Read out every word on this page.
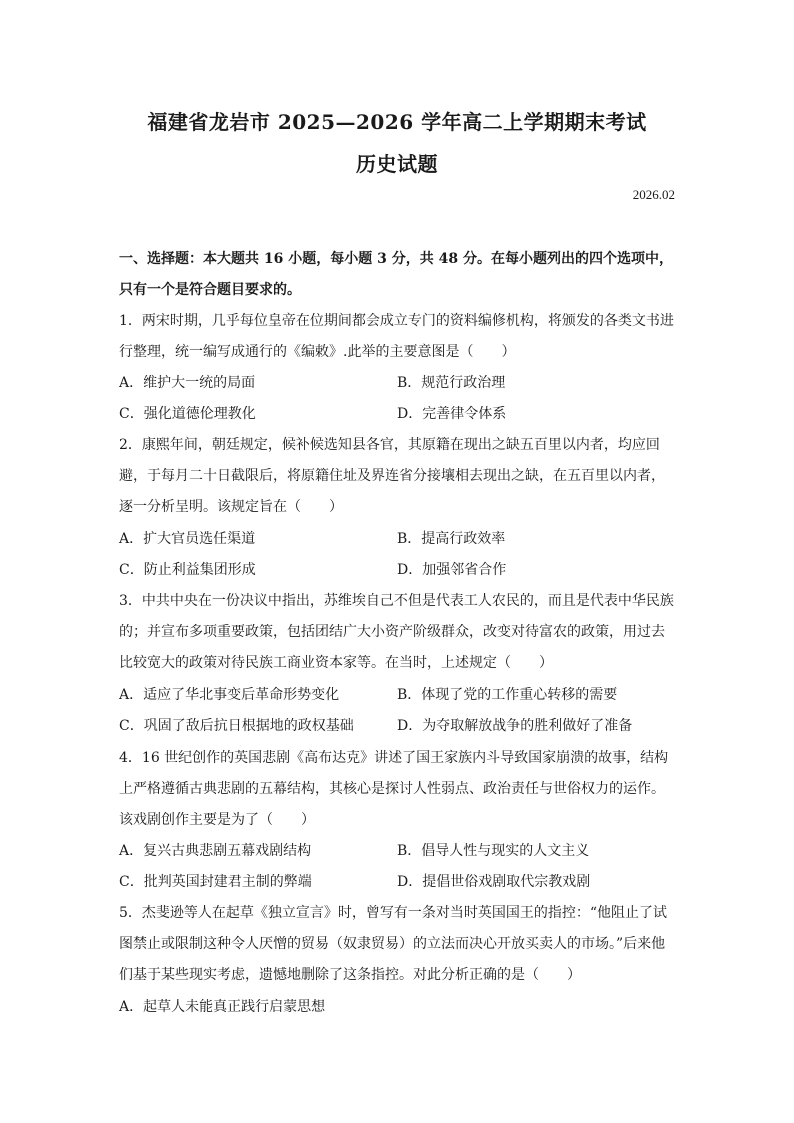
福建省龙岩市 2025—2026 学年高二上学期期末考试
历史试题
2026.02
一、选择题：本大题共 16 小题，每小题 3 分，共 48 分。在每小题列出的四个选项中，只有一个是符合题目要求的。
1．两宋时期，几乎每位皇帝在位期间都会成立专门的资料编修机构，将颁发的各类文书进行整理，统一编写成通行的《编敕》.此举的主要意图是（　　）
A．维护大一统的局面	B．规范行政治理
C．强化道德伦理教化	D．完善律令体系
2．康熙年间，朝廷规定，候补候选知县各官，其原籍在现出之缺五百里以内者，均应回避，于每月二十日截限后，将原籍住址及界连省分接壤相去现出之缺，在五百里以内者，逐一分析呈明。该规定旨在（　　）
A．扩大官员选任渠道	B．提高行政效率
C．防止利益集团形成	D．加强邻省合作
3．中共中央在一份决议中指出，苏维埃自己不但是代表工人农民的，而且是代表中华民族的；并宣布多项重要政策，包括团结广大小资产阶级群众，改变对待富农的政策，用过去比较宽大的政策对待民族工商业资本家等。在当时，上述规定（　　）
A．适应了华北事变后革命形势变化	B．体现了党的工作重心转移的需要
C．巩固了敌后抗日根据地的政权基础	D．为夺取解放战争的胜利做好了准备
4．16 世纪创作的英国悲剧《高布达克》讲述了国王家族内斗导致国家崩溃的故事，结构上严格遵循古典悲剧的五幕结构，其核心是探讨人性弱点、政治责任与世俗权力的运作。该戏剧创作主要是为了（　　）
A．复兴古典悲剧五幕戏剧结构	B．倡导人性与现实的人文主义
C．批判英国封建君主制的弊端	D．提倡世俗戏剧取代宗教戏剧
5．杰斐逊等人在起草《独立宣言》时，曾写有一条对当时英国国王的指控：“他阻止了试图禁止或限制这种令人厌憎的贸易（奴隶贸易）的立法而决心开放买卖人的市场。”后来他们基于某些现实考虑，遗憾地删除了这条指控。对此分析正确的是（　　）
A．起草人未能真正践行启蒙思想
